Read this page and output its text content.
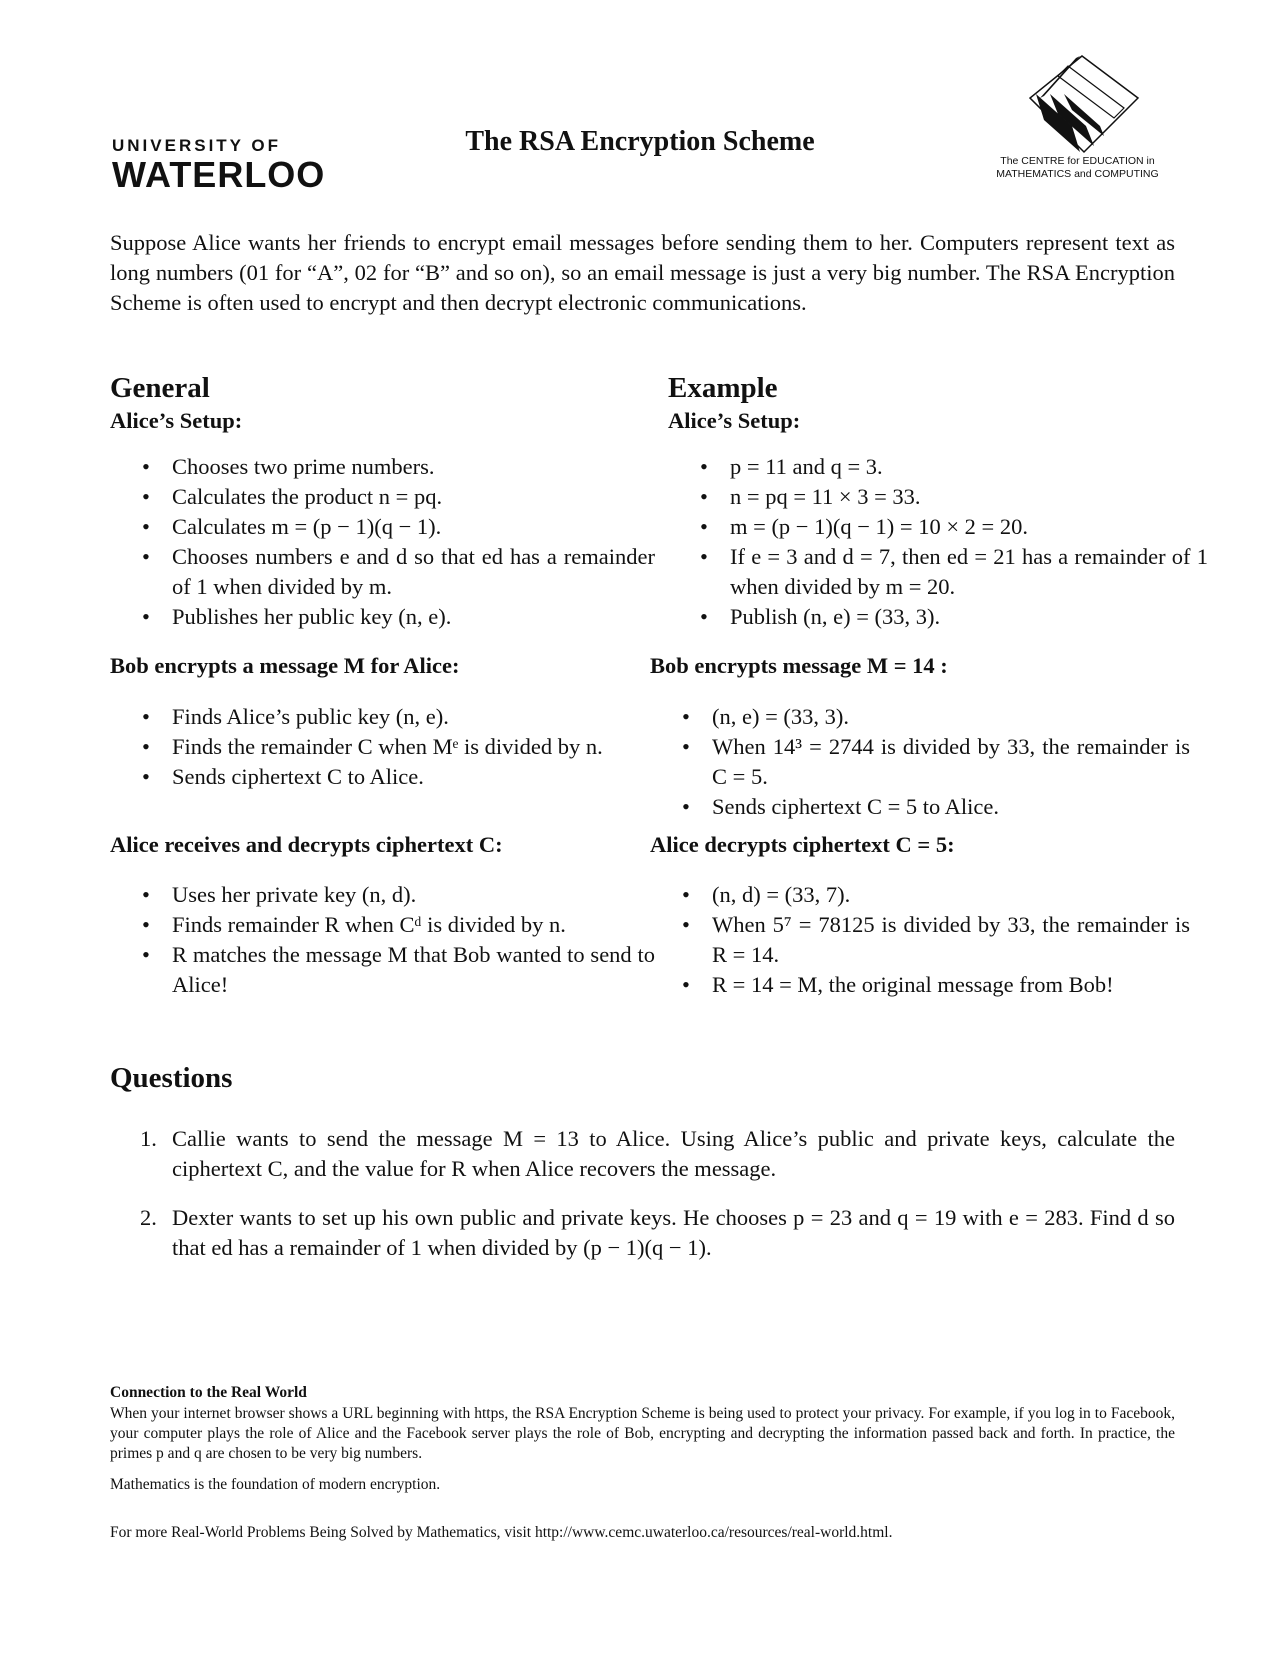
UNIVERSITY OF
WATERLOO
The RSA Encryption Scheme
The CENTRE for EDUCATION in
MATHEMATICS and COMPUTING
Suppose Alice wants her friends to encrypt email messages before sending them to her. Computers represent text as long numbers (01 for “A”, 02 for “B” and so on), so an email message is just a very big number. The RSA Encryption Scheme is often used to encrypt and then decrypt electronic communications.
General
Alice’s Setup:
• Chooses two prime numbers.
• Calculates the product n = pq.
• Calculates m = (p − 1)(q − 1).
• Chooses numbers e and d so that ed has a remainder of 1 when divided by m.
• Publishes her public key (n, e).
Bob encrypts a message M for Alice:
• Finds Alice’s public key (n, e).
• Finds the remainder C when Mᵉ is divided by n.
• Sends ciphertext C to Alice.
Alice receives and decrypts ciphertext C:
• Uses her private key (n, d).
• Finds remainder R when Cᵈ is divided by n.
• R matches the message M that Bob wanted to send to Alice!
Example
Alice’s Setup:
• p = 11 and q = 3.
• n = pq = 11 × 3 = 33.
• m = (p − 1)(q − 1) = 10 × 2 = 20.
• If e = 3 and d = 7, then ed = 21 has a remainder of 1 when divided by m = 20.
• Publish (n, e) = (33, 3).
Bob encrypts message M = 14 :
• (n, e) = (33, 3).
• When 14³ = 2744 is divided by 33, the remainder is C = 5.
• Sends ciphertext C = 5 to Alice.
Alice decrypts ciphertext C = 5:
• (n, d) = (33, 7).
• When 5⁷ = 78125 is divided by 33, the remainder is R = 14.
• R = 14 = M, the original message from Bob!
Questions
1. Callie wants to send the message M = 13 to Alice. Using Alice’s public and private keys, calculate the ciphertext C, and the value for R when Alice recovers the message.
2. Dexter wants to set up his own public and private keys. He chooses p = 23 and q = 19 with e = 283. Find d so that ed has a remainder of 1 when divided by (p − 1)(q − 1).
Connection to the Real World
When your internet browser shows a URL beginning with https, the RSA Encryption Scheme is being used to protect your privacy. For example, if you log in to Facebook, your computer plays the role of Alice and the Facebook server plays the role of Bob, encrypting and decrypting the information passed back and forth. In practice, the primes p and q are chosen to be very big numbers.
Mathematics is the foundation of modern encryption.
For more Real-World Problems Being Solved by Mathematics, visit http://www.cemc.uwaterloo.ca/resources/real-world.html.
